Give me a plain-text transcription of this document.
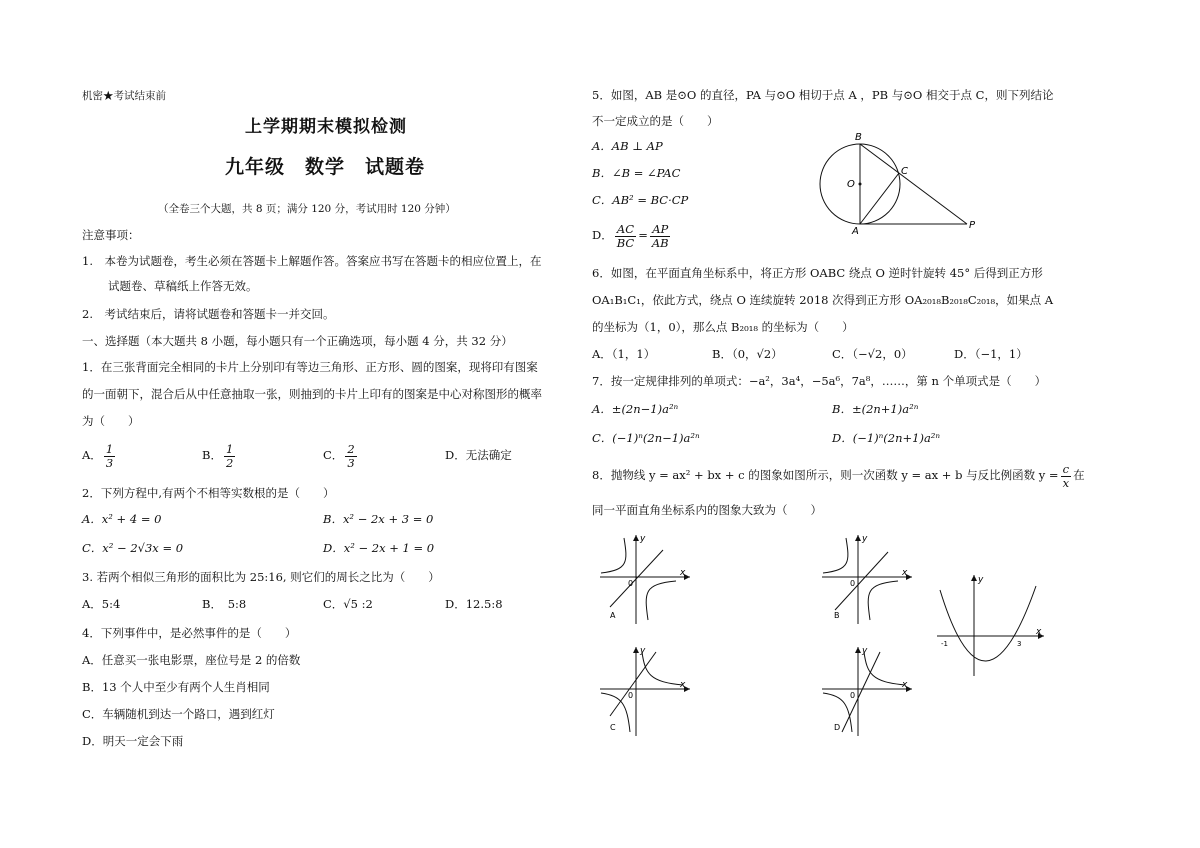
机密★考试结束前
上学期期末模拟检测
九年级　数学　试题卷
（全卷三个大题，共 8 页；满分 120 分，考试用时 120 分钟）
注意事项：
1.　本卷为试题卷，考生必须在答题卡上解题作答。答案应书写在答题卡的相应位置上，在
试题卷、草稿纸上作答无效。
2.　考试结束后，请将试题卷和答题卡一并交回。
一、选择题（本大题共 8 小题，每小题只有一个正确选项，每小题 4 分，共 32 分）
1．在三张背面完全相同的卡片上分别印有等边三角形、正方形、圆的图案，现将印有图案
的一面朝下，混合后从中任意抽取一张，则抽到的卡片上印有的图案是中心对称图形的概率
为（　　）
A． $\frac{1}{3}$	B． $\frac{1}{2}$	C． $\frac{2}{3}$	D．无法确定
2．下列方程中,有两个不相等实数根的是（　　）
A．x² + 4 = 0	B．x² − 2x + 3 = 0
C．x² − 2√3x = 0	D．x² − 2x + 1 = 0
3. 若两个相似三角形的面积比为 25:16, 则它们的周长之比为（　　）
A．5:4	B．　5:8	C．√5 :2	D．12.5:8
4．下列事件中，是必然事件的是（　　）
A．任意买一张电影票，座位号是 2 的倍数
B．13 个人中至少有两个人生肖相同
C．车辆随机到达一个路口，遇到红灯
D．明天一定会下雨
5．如图，AB 是⊙O 的直径，PA 与⊙O 相切于点 A ，PB 与⊙O 相交于点 C，则下列结论
不一定成立的是（　　）
A．AB ⊥ AP
B．∠B = ∠PAC
C．AB² = BC·CP
D． $\frac{AC}{BC} = \frac{AP}{AB}$
B
O
C
A
P
6．如图，在平面直角坐标系中，将正方形 OABC 绕点 O 逆时针旋转 45° 后得到正方形
OA₁B₁C₁，依此方式，绕点 O 连续旋转 2018 次得到正方形 OA₂₀₁₈B₂₀₁₈C₂₀₁₈，如果点 A
的坐标为（1，0），那么点 B₂₀₁₈ 的坐标为（　　）
A．（1，1）	B．（0，√2）	C．（−√2，0）	D．（−1，1）
7．按一定规律排列的单项式：−a²，3a⁴，−5a⁶，7a⁸，……，第 n 个单项式是（　　）
A．±(2n−1)a²ⁿ	B．±(2n+1)a²ⁿ
C．(−1)ⁿ(2n−1)a²ⁿ	D．(−1)ⁿ(2n+1)a²ⁿ
8．抛物线 y = ax² + bx + c 的图象如图所示，则一次函数 y = ax + b 与反比例函数 $y = \frac{c}{x}$ 在
同一平面直角坐标系内的图象大致为（　　）
0
x
y
A
0
x
y
B
y
x
-1	3
0
x
y
C
0
x
y
D
